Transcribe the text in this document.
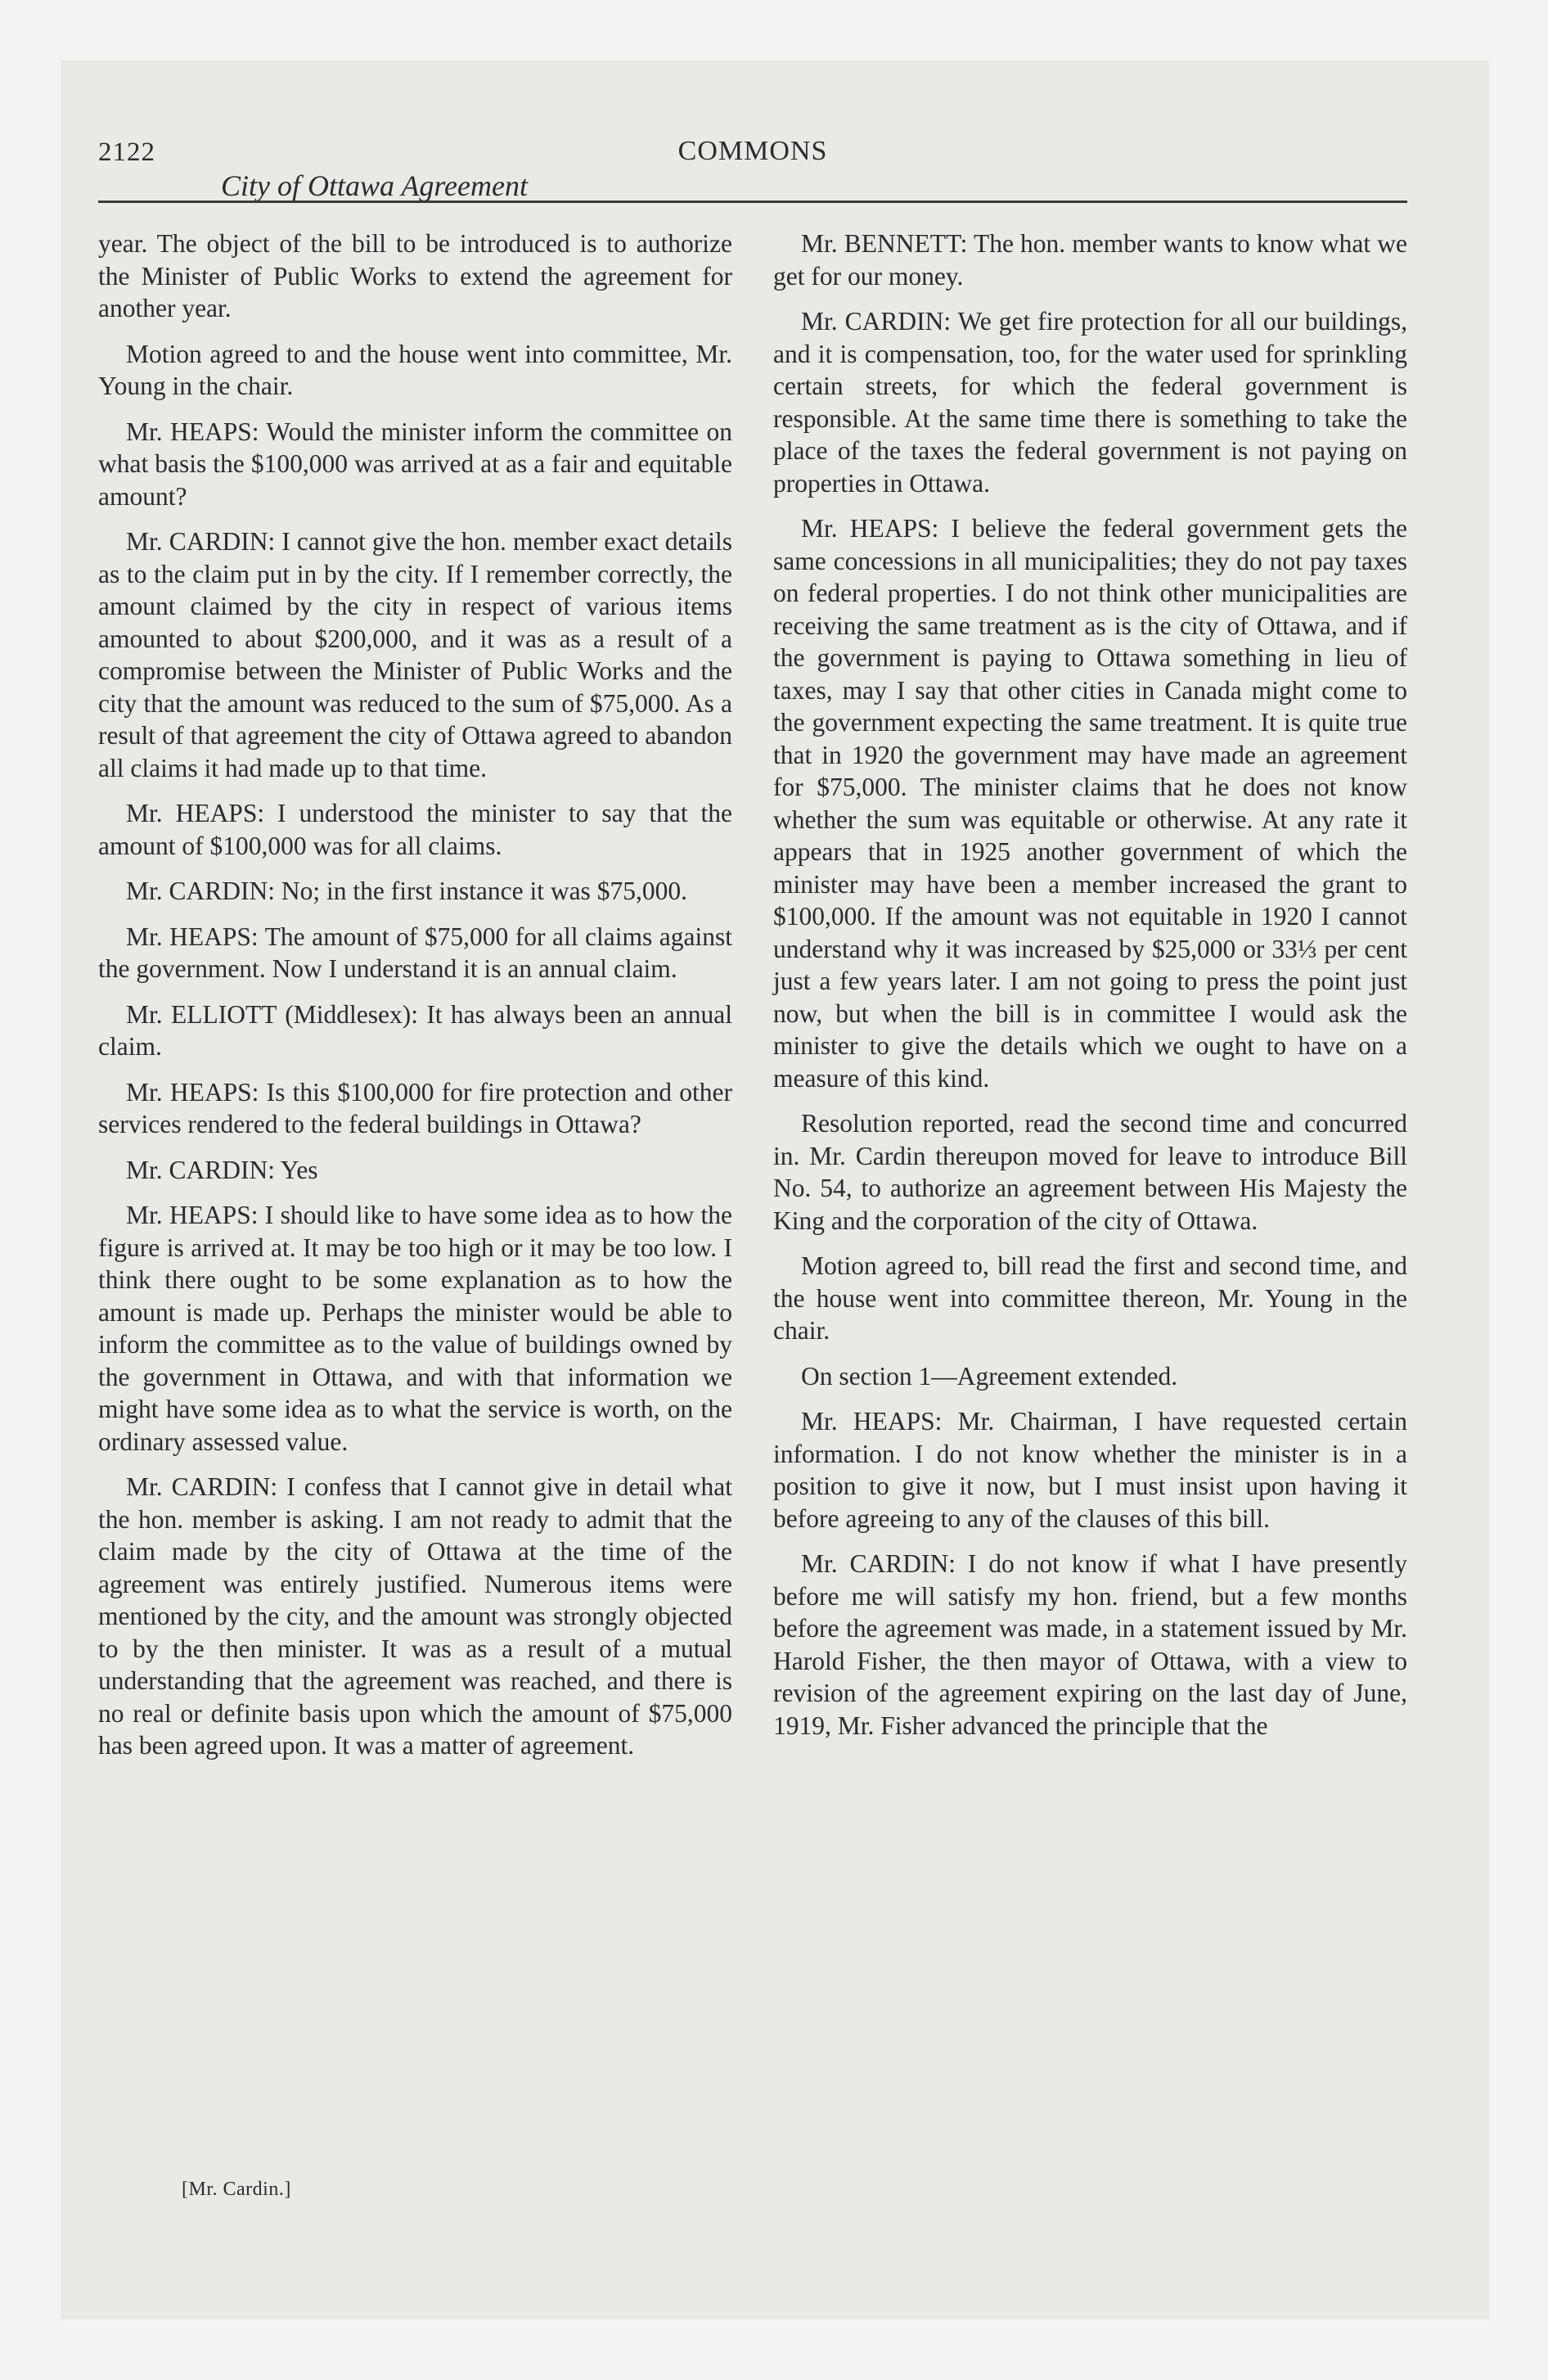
2122	COMMONS
City of Ottawa Agreement

year. The object of the bill to be introduced is to authorize the Minister of Public Works to extend the agreement for another year.

Motion agreed to and the house went into committee, Mr. Young in the chair.

Mr. HEAPS: Would the minister inform the committee on what basis the $100,000 was arrived at as a fair and equitable amount?

Mr. CARDIN: I cannot give the hon. member exact details as to the claim put in by the city. If I remember correctly, the amount claimed by the city in respect of various items amounted to about $200,000, and it was as a result of a compromise between the Minister of Public Works and the city that the amount was reduced to the sum of $75,000. As a result of that agreement the city of Ottawa agreed to abandon all claims it had made up to that time.

Mr. HEAPS: I understood the minister to say that the amount of $100,000 was for all claims.

Mr. CARDIN: No; in the first instance it was $75,000.

Mr. HEAPS: The amount of $75,000 for all claims against the government. Now I understand it is an annual claim.

Mr. ELLIOTT (Middlesex): It has always been an annual claim.

Mr. HEAPS: Is this $100,000 for fire protection and other services rendered to the federal buildings in Ottawa?

Mr. CARDIN: Yes

Mr. HEAPS: I should like to have some idea as to how the figure is arrived at. It may be too high or it may be too low. I think there ought to be some explanation as to how the amount is made up. Perhaps the minister would be able to inform the committee as to the value of buildings owned by the government in Ottawa, and with that information we might have some idea as to what the service is worth, on the ordinary assessed value.

Mr. CARDIN: I confess that I cannot give in detail what the hon. member is asking. I am not ready to admit that the claim made by the city of Ottawa at the time of the agreement was entirely justified. Numerous items were mentioned by the city, and the amount was strongly objected to by the then minister. It was as a result of a mutual understanding that the agreement was reached, and there is no real or definite basis upon which the amount of $75,000 has been agreed upon. It was a matter of agreement.

[Mr. Cardin.]

Mr. BENNETT: The hon. member wants to know what we get for our money.

Mr. CARDIN: We get fire protection for all our buildings, and it is compensation, too, for the water used for sprinkling certain streets, for which the federal government is responsible. At the same time there is something to take the place of the taxes the federal government is not paying on properties in Ottawa.

Mr. HEAPS: I believe the federal government gets the same concessions in all municipalities; they do not pay taxes on federal properties. I do not think other municipalities are receiving the same treatment as is the city of Ottawa, and if the government is paying to Ottawa something in lieu of taxes, may I say that other cities in Canada might come to the government expecting the same treatment. It is quite true that in 1920 the government may have made an agreement for $75,000. The minister claims that he does not know whether the sum was equitable or otherwise. At any rate it appears that in 1925 another government of which the minister may have been a member increased the grant to $100,000. If the amount was not equitable in 1920 I cannot understand why it was increased by $25,000 or 33⅓ per cent just a few years later. I am not going to press the point just now, but when the bill is in committee I would ask the minister to give the details which we ought to have on a measure of this kind.

Resolution reported, read the second time and concurred in. Mr. Cardin thereupon moved for leave to introduce Bill No. 54, to authorize an agreement between His Majesty the King and the corporation of the city of Ottawa.

Motion agreed to, bill read the first and second time, and the house went into committee thereon, Mr. Young in the chair.

On section 1—Agreement extended.

Mr. HEAPS: Mr. Chairman, I have requested certain information. I do not know whether the minister is in a position to give it now, but I must insist upon having it before agreeing to any of the clauses of this bill.

Mr. CARDIN: I do not know if what I have presently before me will satisfy my hon. friend, but a few months before the agreement was made, in a statement issued by Mr. Harold Fisher, the then mayor of Ottawa, with a view to revision of the agreement expiring on the last day of June, 1919, Mr. Fisher advanced the principle that the
